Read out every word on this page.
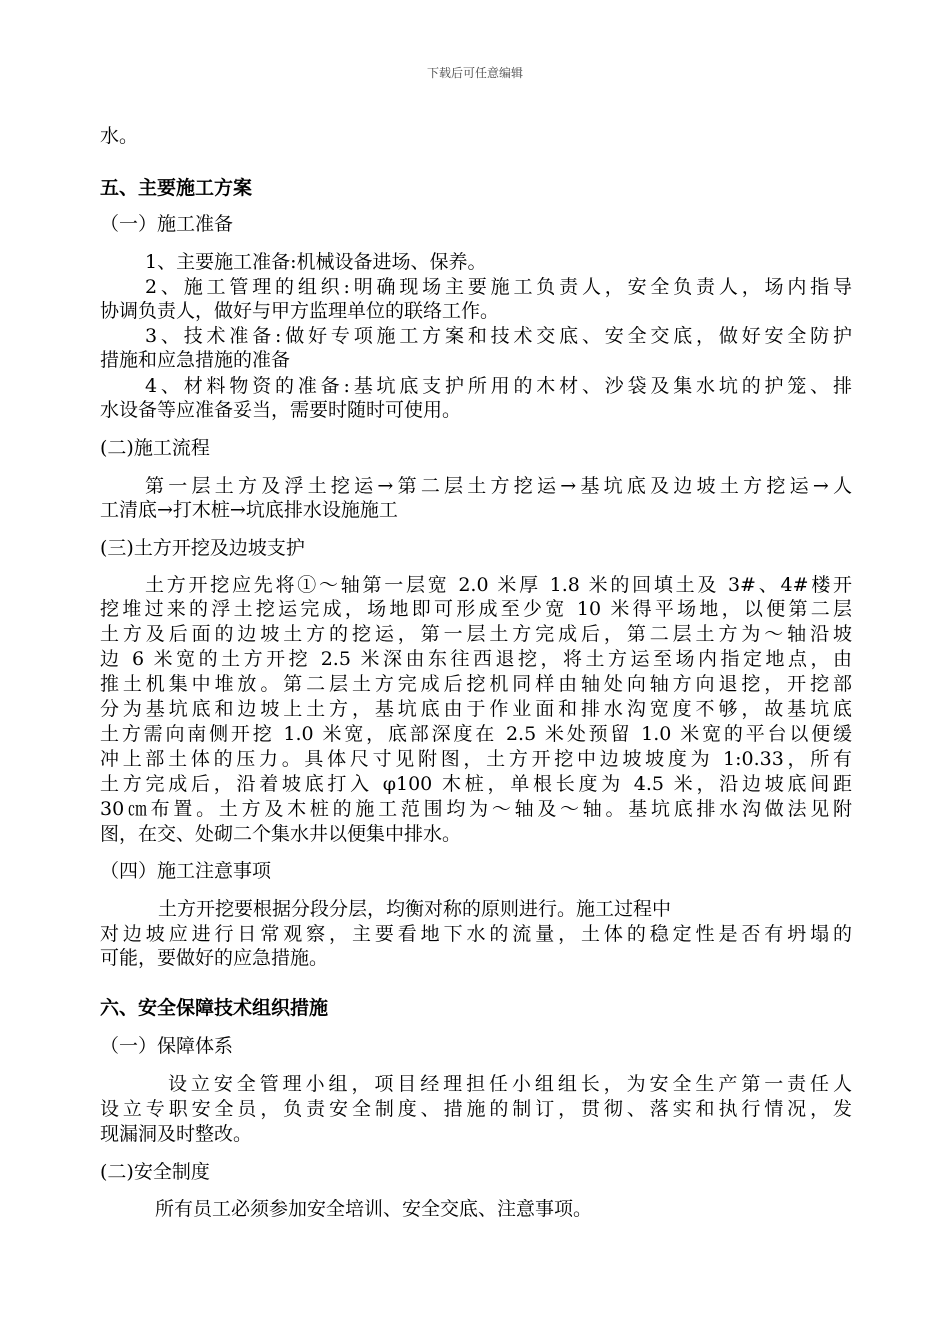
下载后可任意编辑
水。
五、主要施工方案
（一）施工准备
1、主要施工准备:机械设备进场、保养。
2、施工管理的组织:明确现场主要施工负责人，安全负责人，场内指导
协调负责人，做好与甲方监理单位的联络工作。
3、技术准备:做好专项施工方案和技术交底、安全交底，做好安全防护
措施和应急措施的准备
4、材料物资的准备:基坑底支护所用的木材、沙袋及集水坑的护笼、排
水设备等应准备妥当，需要时随时可使用。
(二)施工流程
第一层土方及浮土挖运→第二层土方挖运→基坑底及边坡土方挖运→人
工清底→打木桩→坑底排水设施施工
(三)土方开挖及边坡支护
土方开挖应先将①～轴第一层宽 2.0 米厚 1.8 米的回填土及 3#、4#楼开
挖堆过来的浮土挖运完成，场地即可形成至少宽 10 米得平场地，以便第二层
土方及后面的边坡土方的挖运，第一层土方完成后，第二层土方为～轴沿坡
边 6 米宽的土方开挖 2.5 米深由东往西退挖，将土方运至场内指定地点，由
推土机集中堆放。第二层土方完成后挖机同样由轴处向轴方向退挖，开挖部
分为基坑底和边坡上土方，基坑底由于作业面和排水沟宽度不够，故基坑底
土方需向南侧开挖 1.0 米宽，底部深度在 2.5 米处预留 1.0 米宽的平台以便缓
冲上部土体的压力。具体尺寸见附图，土方开挖中边坡坡度为 1:0.33，所有
土方完成后，沿着坡底打入 φ100 木桩，单根长度为 4.5 米，沿边坡底间距
30㎝布置。土方及木桩的施工范围均为～轴及～轴。基坑底排水沟做法见附
图，在交、处砌二个集水井以便集中排水。
（四）施工注意事项
土方开挖要根据分段分层，均衡对称的原则进行。施工过程中
对边坡应进行日常观察，主要看地下水的流量，土体的稳定性是否有坍塌的
可能，要做好的应急措施。
六、安全保障技术组织措施
（一）保障体系
设立安全管理小组，项目经理担任小组组长，为安全生产第一责任人
设立专职安全员，负责安全制度、措施的制订，贯彻、落实和执行情况，发
现漏洞及时整改。
(二)安全制度
所有员工必须参加安全培训、安全交底、注意事项。
